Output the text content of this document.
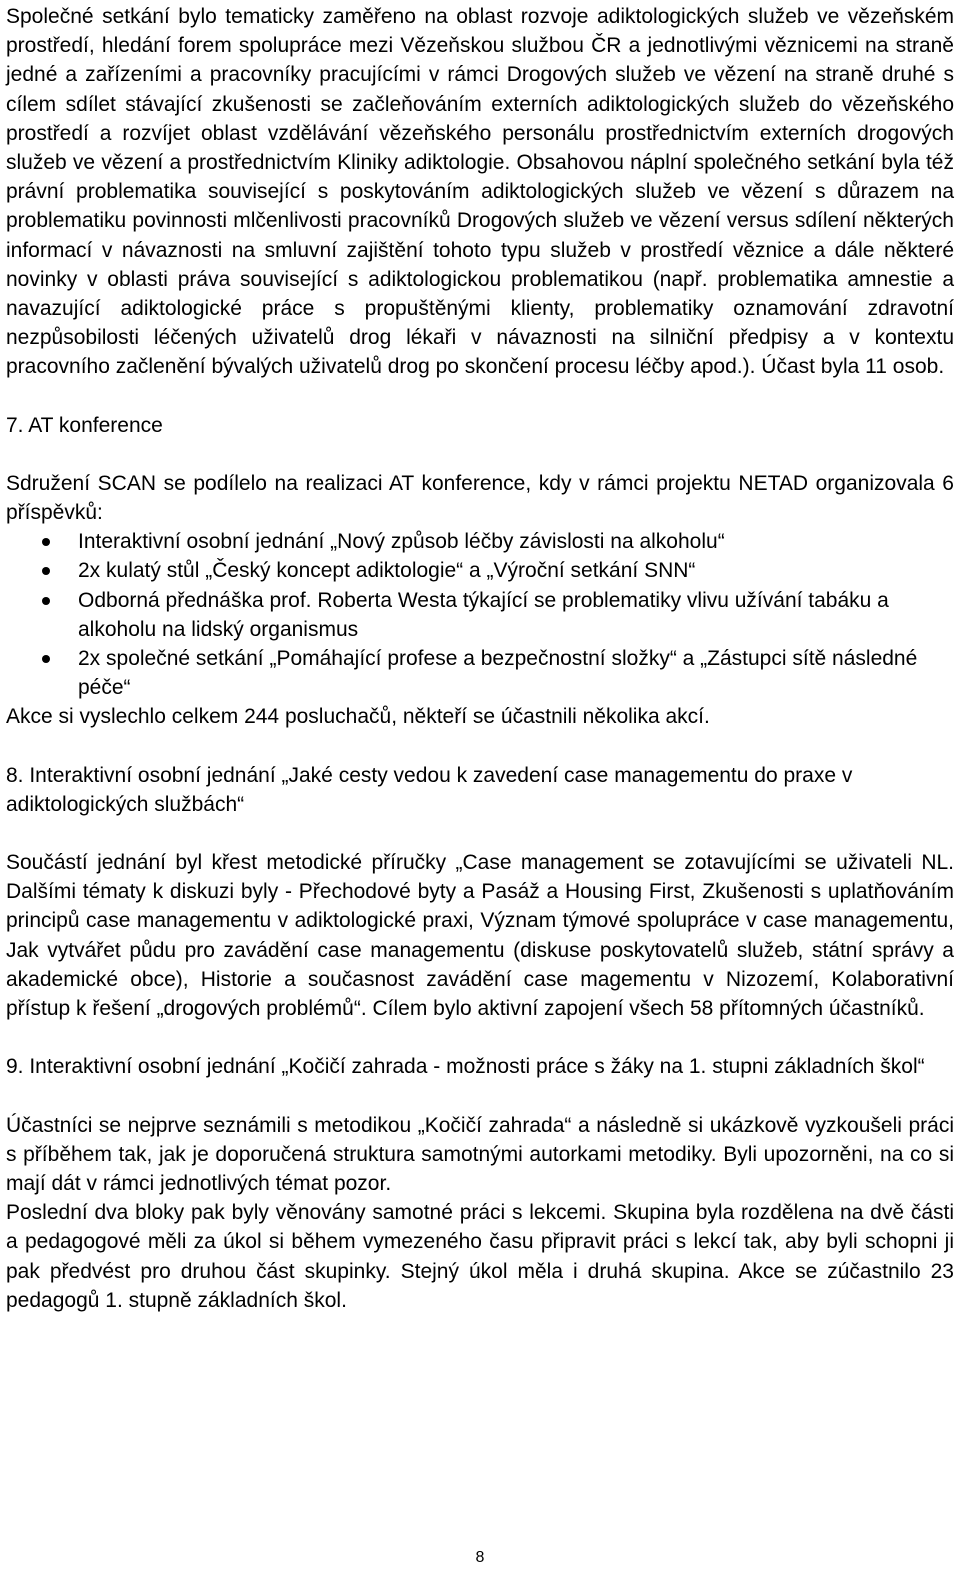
Společné setkání bylo tematicky zaměřeno na oblast rozvoje adiktologických služeb ve vězeňském prostředí, hledání forem spolupráce mezi Vězeňskou službou ČR a jednotlivými věznicemi na straně jedné a zařízeními a pracovníky pracujícími v rámci Drogových služeb ve vězení na straně druhé s cílem sdílet stávající zkušenosti se začleňováním externích adiktologických služeb do vězeňského prostředí a rozvíjet oblast vzdělávání vězeňského personálu prostřednictvím externích drogových služeb ve vězení a prostřednictvím Kliniky adiktologie. Obsahovou náplní společného setkání byla též právní problematika související s poskytováním adiktologických služeb ve vězení s důrazem na problematiku povinnosti mlčenlivosti pracovníků Drogových služeb ve vězení versus sdílení některých informací v návaznosti na smluvní zajištění tohoto typu služeb v prostředí věznice a dále některé novinky v oblasti práva související s adiktologickou problematikou (např. problematika amnestie a navazující adiktologické práce s propuštěnými klienty, problematiky oznamování zdravotní nezpůsobilosti léčených uživatelů drog lékaři v návaznosti na silniční předpisy a v kontextu pracovního začlenění bývalých uživatelů drog po skončení procesu léčby apod.). Účast byla 11 osob.

7. AT konference

Sdružení SCAN se podílelo na realizaci AT konference, kdy v rámci projektu NETAD organizovala 6 příspěvků:

Interaktivní osobní jednání „Nový způsob léčby závislosti na alkoholu“
2x kulatý stůl „Český koncept adiktologie“ a „Výroční setkání SNN“
Odborná přednáška prof. Roberta Westa týkající se problematiky vlivu užívání tabáku a alkoholu na lidský organismus
2x společné setkání „Pomáhající profese a bezpečnostní složky“ a „Zástupci sítě následné péče“

Akce si vyslechlo celkem 244 posluchačů, někteří se účastnili několika akcí.

8. Interaktivní osobní jednání „Jaké cesty vedou k zavedení case managementu do praxe v adiktologických službách“

Součástí jednání byl křest metodické příručky „Case management se zotavujícími se uživateli NL. Dalšími tématy k diskuzi byly - Přechodové byty a Pasáž a Housing First, Zkušenosti s uplatňováním principů case managementu v adiktologické praxi, Význam týmové spolupráce v case managementu, Jak vytvářet půdu pro zavádění case managementu (diskuse poskytovatelů služeb, státní správy a akademické obce), Historie a současnost zavádění case magementu v Nizozemí, Kolaborativní přístup k řešení „drogových problémů“. Cílem bylo aktivní zapojení všech 58 přítomných účastníků.

9. Interaktivní osobní jednání „Kočičí zahrada - možnosti práce s žáky na 1. stupni základních škol“

Účastníci se nejprve seznámili s metodikou „Kočičí zahrada“ a následně si ukázkově vyzkoušeli práci s příběhem tak, jak je doporučená struktura samotnými autorkami metodiky. Byli upozorněni, na co si mají dát v rámci jednotlivých témat pozor.

Poslední dva bloky pak byly věnovány samotné práci s lekcemi. Skupina byla rozdělena na dvě části a pedagogové měli za úkol si během vymezeného času připravit práci s lekcí tak, aby byli schopni ji pak předvést pro druhou část skupinky. Stejný úkol měla i druhá skupina. Akce se zúčastnilo 23 pedagogů 1. stupně základních škol.

8
